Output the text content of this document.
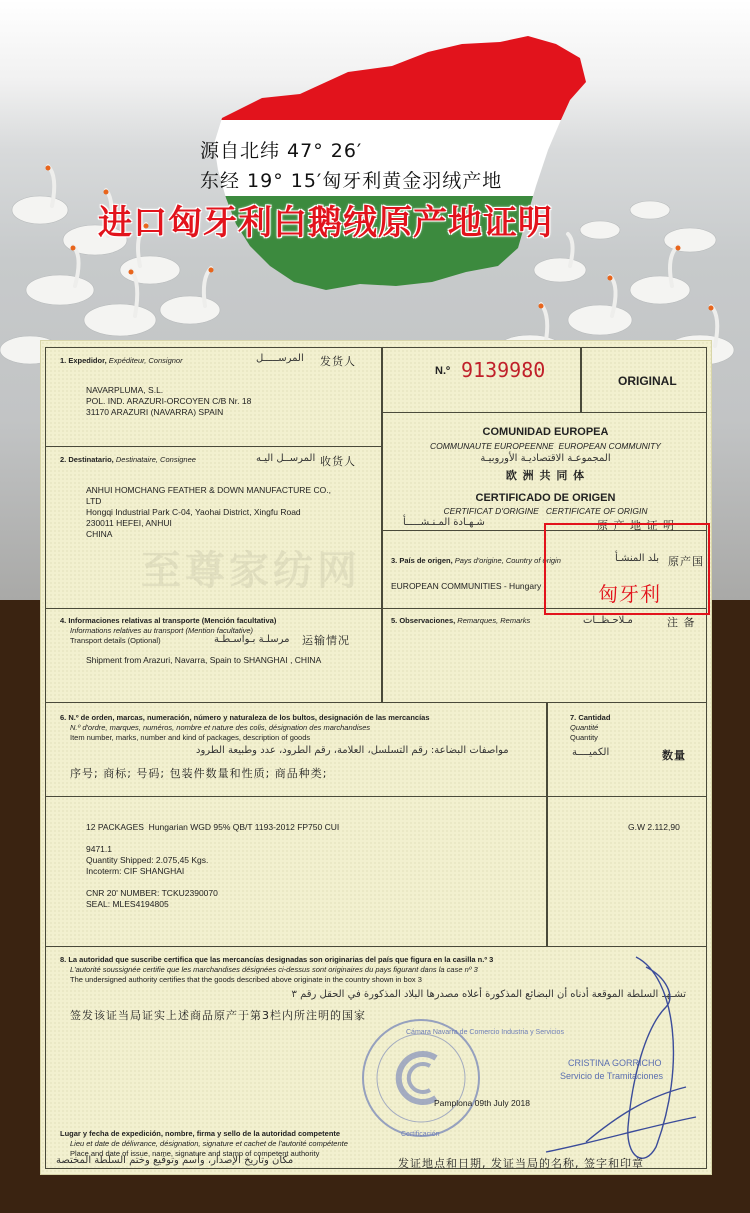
源自北纬 47° 26′
东经 19° 15′匈牙利黄金羽绒产地
进口匈牙利白鹅绒原产地证明
1. Expedidor, Expéditeur, Consignor	المرســـــل 发货人
NAVARPLUMA, S.L.
POL. IND. ARAZURI-ORCOYEN C/B Nr. 18
31170 ARAZURI (NAVARRA) SPAIN
N.º 9139980	ORIGINAL
COMUNIDAD EUROPEA
COMMUNAUTE EUROPEENNE  EUROPEAN COMMUNITY
المجموعـة الاقتصاديـة الأوروبيـة
欧 洲 共 同 体
CERTIFICADO DE ORIGEN
CERTIFICAT D'ORIGINE   CERTIFICATE OF ORIGIN
شـهـادة المـنـشـــــأ	原 产 地 证 明
2. Destinatario, Destinataire, Consignee	المرســل اليـه 收货人
ANHUI HOMCHANG FEATHER & DOWN MANUFACTURE CO.,
LTD
Hongqi Industrial Park C-04, Yaohai District, Xingfu Road
230011 HEFEI, ANHUI
CHINA
3. País de origen, Pays d'origine, Country of origin	بلد المنشـأ 原产国
EUROPEAN COMMUNITIES - Hungary
4. Informaciones relativas al transporte (Mención facultativa)
Informations relatives au transport (Mention facultative)
Transport details (Optional)	مرسلـة بـواسـطـة 运输情况
Shipment from Arazuri, Navarra, Spain to SHANGHAI , CHINA
5. Observaciones, Remarques, Remarks	مـلاحـظــات	注 备
6. N.º de orden, marcas, numeración, número y naturaleza de los bultos, designación de las mercancías
N.º d'ordre, marques, numéros, nombre et nature des colis, désignation des marchandises
Item number, marks, number and kind of packages, description of goods
مواصفات البضاعة: رقم التسلسل، العلامة، رقم الطرود، عدد وطبيعة الطرود
序号; 商标; 号码; 包装件数量和性质; 商品种类;
7. Cantidad
Quantité
Quantity
الكميــــة	数量
12 PACKAGES  Hungarian WGD 95% QB/T 1193-2012 FP750 CUI
9471.1
Quantity Shipped: 2.075,45 Kgs.
Incoterm: CIF SHANGHAI
CNR 20' NUMBER: TCKU2390070
SEAL: MLES4194805
G.W 2.112,90
8. La autoridad que suscribe certifica que las mercancías designadas son originarias del país que figura en la casilla n.º 3
L'autorité soussignée certifie que les marchandises désignées ci-dessus sont originaires du pays figurant dans la case nº 3
The undersigned authority certifies that the goods described above originate in the country shown in box 3
تشـهد السلطة الموقعة أدناه أن البضائع المذكورة أعلاه مصدرها البلاد المذكورة في الحقل رقم ٣
签发该证当局证实上述商品原产于第3栏内所注明的国家
Cámara Navarra de Comercio Industria y Servicios
Certificación
CRISTINA GORRICHO
Servicio de Tramitaciones
Pamplona 09th July 2018
Lugar y fecha de expedición, nombre, firma y sello de la autoridad competente
Lieu et date de délivrance, désignation, signature et cachet de l'autorité compétente
Place and date of issue, name, signature and stamp of competent authority
مكان وتاريخ الإصدار، وأسم وتوقيع وختم السلطة المختصة	发证地点和日期, 发证当局的名称, 签字和印章
至尊家纺网	匈牙利
